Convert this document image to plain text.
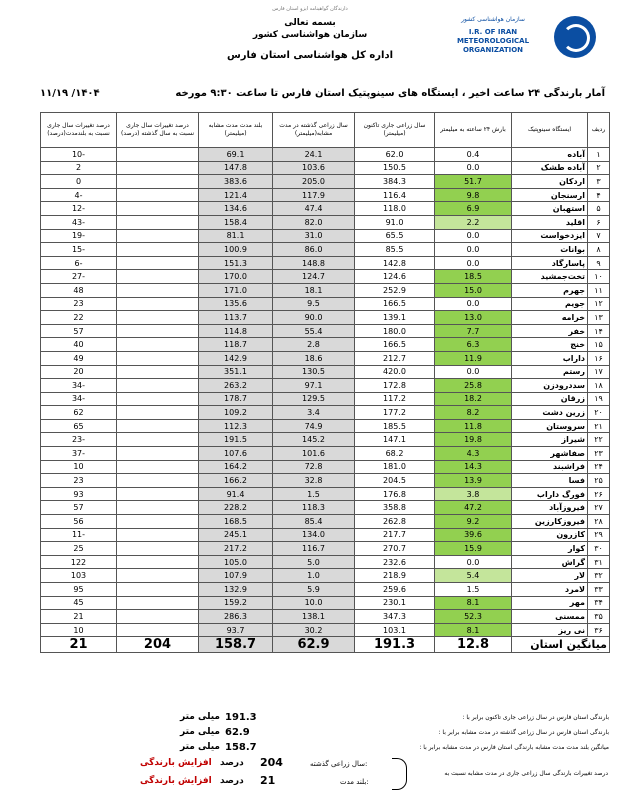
دارندگان گواهینامه ایزو استان فارس
بسمه تعالی
سازمان هواشناسی کشور
اداره کل هواشناسی استان فارس
سازمان هواشناسی کشور
I.R. OF IRAN METEOROLOGICAL ORGANIZATION
آمار بارندگی ۲۴ ساعت اخیر ، ایستگاه های سینوپتیک استان فارس تا ساعت ۹:۳۰ مورخه
۱۴۰۴/ ۱۱/۱۹
ردیف	ایستگاه سینوپتیک	بارش ۲۴ ساعته به میلیمتر	سال زراعی جاری تاکنون (میلیمتر)	سال زراعی گذشته در مدت مشابه(میلیمتر)	بلند مدت مدت مشابه (میلیمتر)	درصد تغییرات سال جاری نسبت به سال گذشته (درصد)	درصد تغییرات سال جاری نسبت به بلندمدت(درصد)
۱	آباده	0.4	62.0	24.1	69.1		-10
۲	آباده طشک	0.0	150.5	103.6	147.8		2
۳	اردکان	51.7	384.3	205.0	383.6		0
۴	ارسنجان	9.8	116.4	117.9	121.4		-4
۵	استهبان	6.9	118.0	47.4	134.6		-12
۶	اقلید	2.2	91.0	82.0	158.4		-43
۷	ایزدخواست	0.0	65.5	31.0	81.1		-19
۸	بوانات	0.0	85.5	86.0	100.9		-15
۹	پاسارگاد	0.0	142.8	148.8	151.3		-6
۱۰	تخت‌جمشید	18.5	124.6	124.7	170.0		-27
۱۱	جهرم	15.0	252.9	18.1	171.0		48
۱۲	جویم	0.0	166.5	9.5	135.6		23
۱۳	خرامه	13.0	139.1	90.0	113.7		22
۱۴	خفر	7.7	180.0	55.4	114.8		57
۱۵	خنج	6.3	166.5	2.8	118.7		40
۱۶	داراب	11.9	212.7	18.6	142.9		49
۱۷	رستم	0.0	420.0	130.5	351.1		20
۱۸	سددرودزن	25.8	172.8	97.1	263.2		-34
۱۹	زرقان	18.2	117.2	129.5	178.7		-34
۲۰	زرین دشت	8.2	177.2	3.4	109.2		62
۲۱	سروستان	11.8	185.5	74.9	112.3		65
۲۲	شیراز	19.8	147.1	145.2	191.5		-23
۲۳	صفاشهر	4.3	68.2	101.6	107.6		-37
۲۴	فراشبند	14.3	181.0	72.8	164.2		10
۲۵	فسا	13.9	204.5	32.8	166.2		23
۲۶	فورگ داراب	3.8	176.8	1.5	91.4		93
۲۷	فیروزآباد	47.2	358.8	118.3	228.2		57
۲۸	فیروزکارزین	9.2	262.8	85.4	168.5		56
۲۹	کازرون	39.6	217.7	134.0	245.1		-11
۳۰	کوار	15.9	270.7	116.7	217.2		25
۳۱	گراش	0.0	232.6	5.0	105.0		122
۳۲	لار	5.4	218.9	1.0	107.9		103
۳۳	لامرد	1.5	259.6	5.9	132.9		95
۳۴	مهر	8.1	230.1	10.0	159.2		45
۳۵	ممسنی	52.3	347.3	138.1	286.3		21
۳۶	نی ریز	8.1	103.1	30.2	93.7		10
میانگین استان		12.8	191.3	62.9	158.7	204	21
بارندگی استان فارس در سال زراعی جاری تاکنون برابر با :
191.3
میلی متر
بارندگی استان فارس در سال زراعی گذشته در مدت مشابه برابر با :
62.9
میلی متر
میانگین بلند مدت مدت مشابه بارندگی استان فارس در مدت مشابه برابر با :
158.7
میلی متر
سال زراعی گذشته:
204
درصد
افزایش بارندگی
بلند مدت:
21
درصد
افزایش بارندگی
درصد تغییرات بارندگی سال زراعی جاری در مدت مشابه نسبت به
